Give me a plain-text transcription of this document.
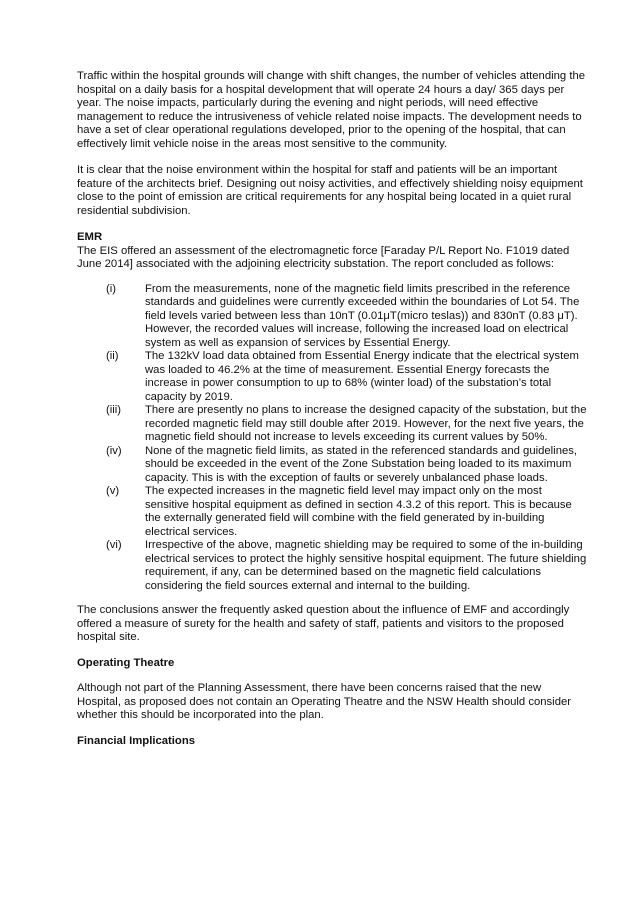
Traffic within the hospital grounds will change with shift changes, the number of vehicles attending the hospital on a daily basis for a hospital development that will operate 24 hours a day/ 365 days per year. The noise impacts, particularly during the evening and night periods, will need effective management to reduce the intrusiveness of vehicle related noise impacts. The development needs to have a set of clear operational regulations developed, prior to the opening of the hospital, that can effectively limit vehicle noise in the areas most sensitive to the community.

It is clear that the noise environment within the hospital for staff and patients will be an important feature of the architects brief. Designing out noisy activities, and effectively shielding noisy equipment close to the point of emission are critical requirements for any hospital being located in a quiet rural residential subdivision.

EMR

The EIS offered an assessment of the electromagnetic force [Faraday P/L Report No. F1019 dated June 2014] associated with the adjoining electricity substation. The report concluded as follows:

(i)	From the measurements, none of the magnetic field limits prescribed in the reference standards and guidelines were currently exceeded within the boundaries of Lot 54. The field levels varied between less than 10nT (0.01μT(micro teslas)) and 830nT (0.83 μT). However, the recorded values will increase, following the increased load on electrical system as well as expansion of services by Essential Energy.
(ii) The 132kV load data obtained from Essential Energy indicate that the electrical system was loaded to 46.2% at the time of measurement. Essential Energy forecasts the increase in power consumption to up to 68% (winter load) of the substation’s total capacity by 2019.
(iii) There are presently no plans to increase the designed capacity of the substation, but the recorded magnetic field may still double after 2019. However, for the next five years, the magnetic field should not increase to levels exceeding its current values by 50%.
(iv) None of the magnetic field limits, as stated in the referenced standards and guidelines, should be exceeded in the event of the Zone Substation being loaded to its maximum capacity. This is with the exception of faults or severely unbalanced phase loads.
(v) The expected increases in the magnetic field level may impact only on the most sensitive hospital equipment as defined in section 4.3.2 of this report. This is because the externally generated field will combine with the field generated by in-building electrical services.
(vi) Irrespective of the above, magnetic shielding may be required to some of the in-building electrical services to protect the highly sensitive hospital equipment. The future shielding requirement, if any, can be determined based on the magnetic field calculations considering the field sources external and internal to the building.

The conclusions answer the frequently asked question about the influence of EMF and accordingly offered a measure of surety for the health and safety of staff, patients and visitors to the proposed hospital site.

Operating Theatre

Although not part of the Planning Assessment, there have been concerns raised that the new Hospital, as proposed does not contain an Operating Theatre and the NSW Health should consider whether this should be incorporated into the plan.

Financial Implications
